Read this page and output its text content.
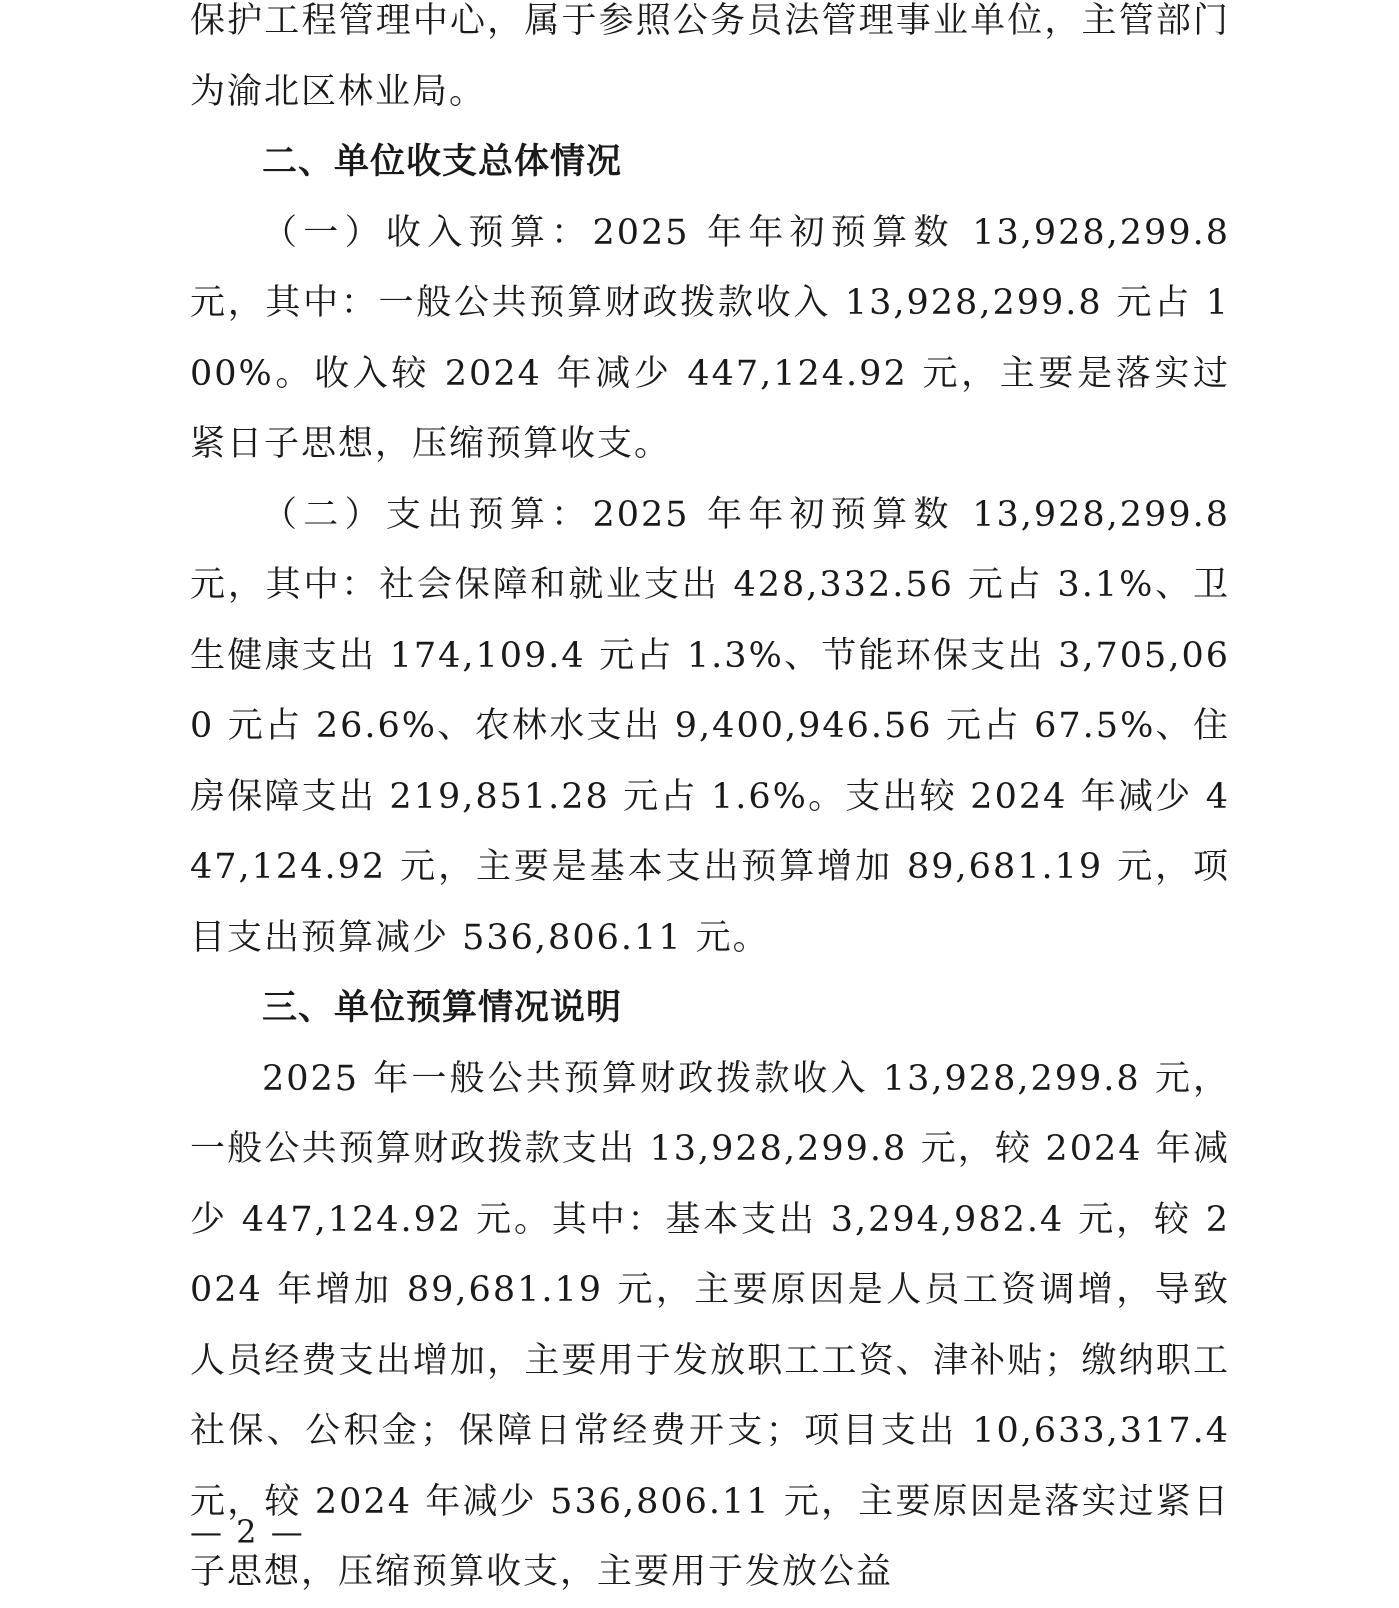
保护工程管理中心，属于参照公务员法管理事业单位，主管部门为渝北区林业局。

二、单位收支总体情况

（一）收入预算：2025 年年初预算数 13,928,299.8 元，其中：一般公共预算财政拨款收入 13,928,299.8 元占 100%。收入较 2024 年减少 447,124.92 元，主要是落实过紧日子思想，压缩预算收支。

（二）支出预算：2025 年年初预算数 13,928,299.8 元，其中：社会保障和就业支出 428,332.56 元占 3.1%、卫生健康支出 174,109.4 元占 1.3%、节能环保支出 3,705,060 元占 26.6%、农林水支出 9,400,946.56 元占 67.5%、住房保障支出 219,851.28 元占 1.6%。支出较 2024 年减少 447,124.92 元，主要是基本支出预算增加 89,681.19 元，项目支出预算减少 536,806.11 元。

三、单位预算情况说明

2025 年一般公共预算财政拨款收入 13,928,299.8 元，一般公共预算财政拨款支出 13,928,299.8 元，较 2024 年减少 447,124.92 元。其中：基本支出 3,294,982.4 元，较 2024 年增加 89,681.19 元，主要原因是人员工资调增，导致人员经费支出增加，主要用于发放职工工资、津补贴；缴纳职工社保、公积金；保障日常经费开支；项目支出 10,633,317.4 元，较 2024 年减少 536,806.11 元，主要原因是落实过紧日子思想，压缩预算收支，主要用于发放公益

— 2 —
